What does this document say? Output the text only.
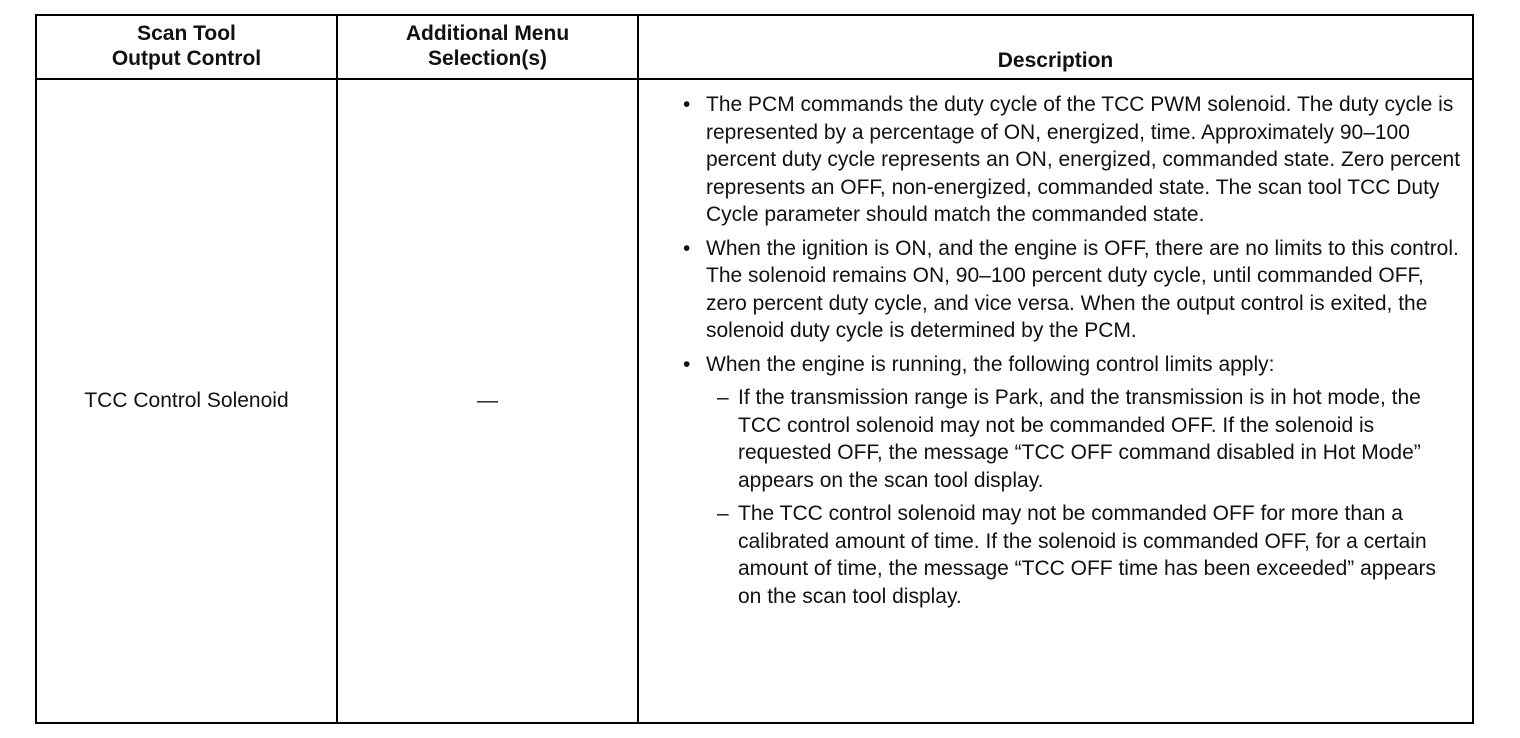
Scan Tool
Output Control
Additional Menu
Selection(s)	Description
TCC Control Solenoid	—
• The PCM commands the duty cycle of the TCC PWM solenoid. The duty cycle is represented by a percentage of ON, energized, time. Approximately 90–100 percent duty cycle represents an ON, energized, commanded state. Zero percent represents an OFF, non-energized, commanded state. The scan tool TCC Duty Cycle parameter should match the commanded state.
• When the ignition is ON, and the engine is OFF, there are no limits to this control. The solenoid remains ON, 90–100 percent duty cycle, until commanded OFF, zero percent duty cycle, and vice versa. When the output control is exited, the solenoid duty cycle is determined by the PCM.
• When the engine is running, the following control limits apply:
– If the transmission range is Park, and the transmission is in hot mode, the TCC control solenoid may not be commanded OFF. If the solenoid is requested OFF, the message “TCC OFF command disabled in Hot Mode” appears on the scan tool display.
– The TCC control solenoid may not be commanded OFF for more than a calibrated amount of time. If the solenoid is commanded OFF, for a certain amount of time, the message “TCC OFF time has been exceeded” appears on the scan tool display.
